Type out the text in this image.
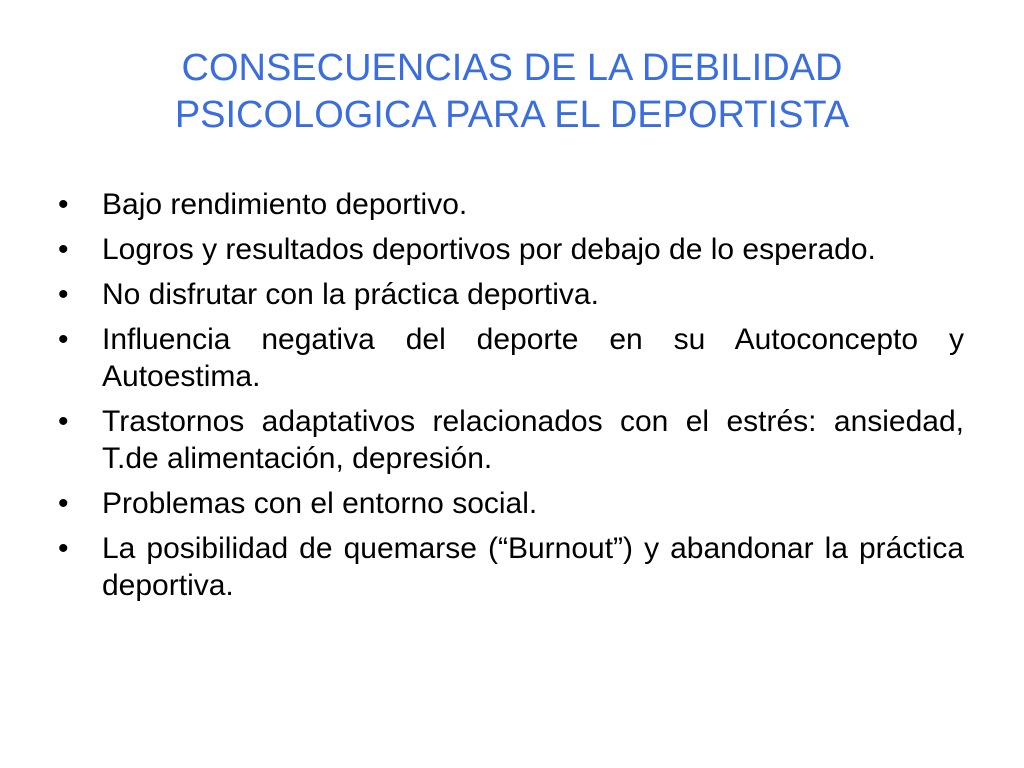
CONSECUENCIAS DE LA DEBILIDAD
PSICOLOGICA PARA EL DEPORTISTA
•	Bajo rendimiento deportivo.
•	Logros y resultados deportivos por debajo de lo esperado.
•	No disfrutar con la práctica deportiva.
•	Influencia negativa del deporte en su Autoconcepto y Autoestima.
•	Trastornos adaptativos relacionados con el estrés: ansiedad, T.de alimentación, depresión.
•	Problemas con el entorno social.
•	La posibilidad de quemarse (“Burnout”) y abandonar la práctica deportiva.
